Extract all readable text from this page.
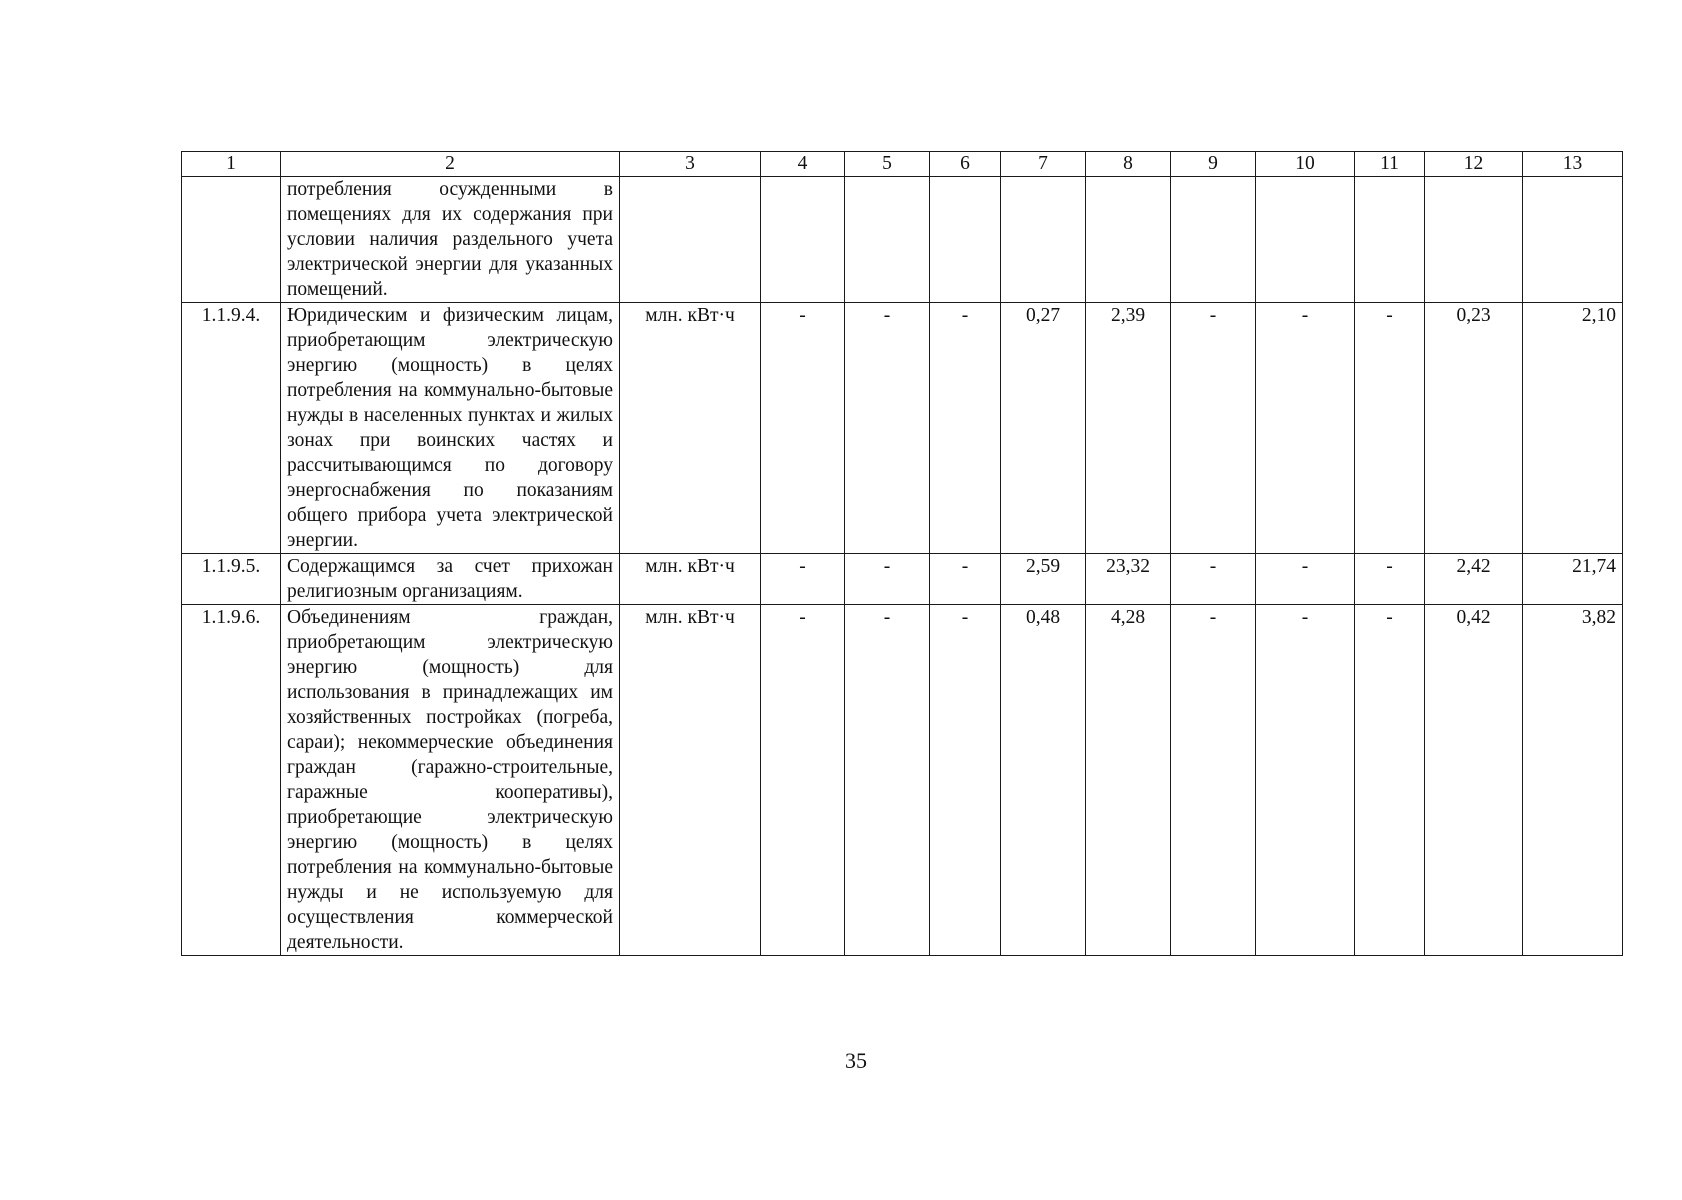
1	2	3	4	5	6	7	8	9	10	11	12	13
	потребления осужденными в помещениях для их содержания при условии наличия раздельного учета электрической энергии для указанных помещений.											
1.1.9.4.	Юридическим и физическим лицам, приобретающим электрическую энергию (мощность) в целях потребления на коммунально-бытовые нужды в населенных пунктах и жилых зонах при воинских частях и рассчитывающимся по договору энергоснабжения по показаниям общего прибора учета электрической энергии.	млн. кВт·ч	-	-	-	0,27	2,39	-	-	-	0,23	2,10
1.1.9.5.	Содержащимся за счет прихожан религиозным организациям.	млн. кВт·ч	-	-	-	2,59	23,32	-	-	-	2,42	21,74
1.1.9.6.	Объединениям граждан, приобретающим электрическую энергию (мощность) для использования в принадлежащих им хозяйственных постройках (погреба, сараи); некоммерческие объединения граждан (гаражно-строительные, гаражные кооперативы), приобретающие электрическую энергию (мощность) в целях потребления на коммунально-бытовые нужды и не используемую для осуществления коммерческой деятельности.	млн. кВт·ч	-	-	-	0,48	4,28	-	-	-	0,42	3,82
35
